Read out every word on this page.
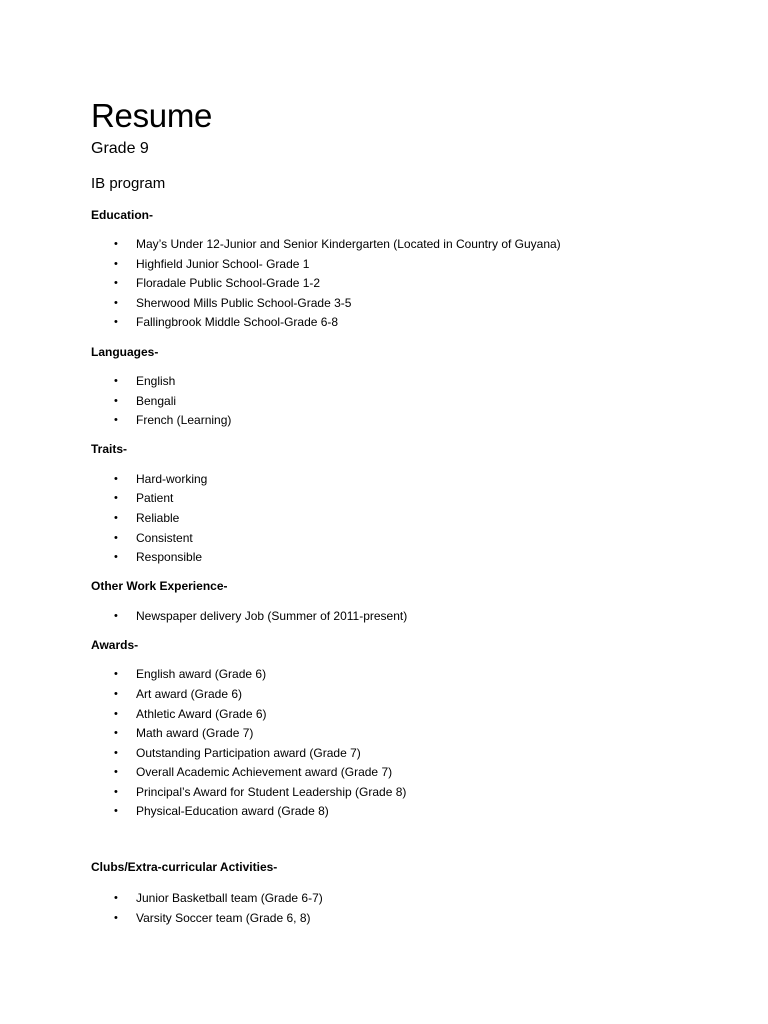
Resume
Grade 9
IB program
Education-
• May’s Under 12-Junior and Senior Kindergarten (Located in Country of Guyana)
• Highfield Junior School- Grade 1
• Floradale Public School-Grade 1-2
• Sherwood Mills Public School-Grade 3-5
• Fallingbrook Middle School-Grade 6-8
Languages-
• English
• Bengali
• French (Learning)
Traits-
• Hard-working
• Patient
• Reliable
• Consistent
• Responsible
Other Work Experience-
• Newspaper delivery Job (Summer of 2011-present)
Awards-
• English award (Grade 6)
• Art award (Grade 6)
• Athletic Award (Grade 6)
• Math award (Grade 7)
• Outstanding Participation award (Grade 7)
• Overall Academic Achievement award (Grade 7)
• Principal’s Award for Student Leadership (Grade 8)
• Physical-Education award (Grade 8)
Clubs/Extra-curricular Activities-
• Junior Basketball team (Grade 6-7)
• Varsity Soccer team (Grade 6, 8)
